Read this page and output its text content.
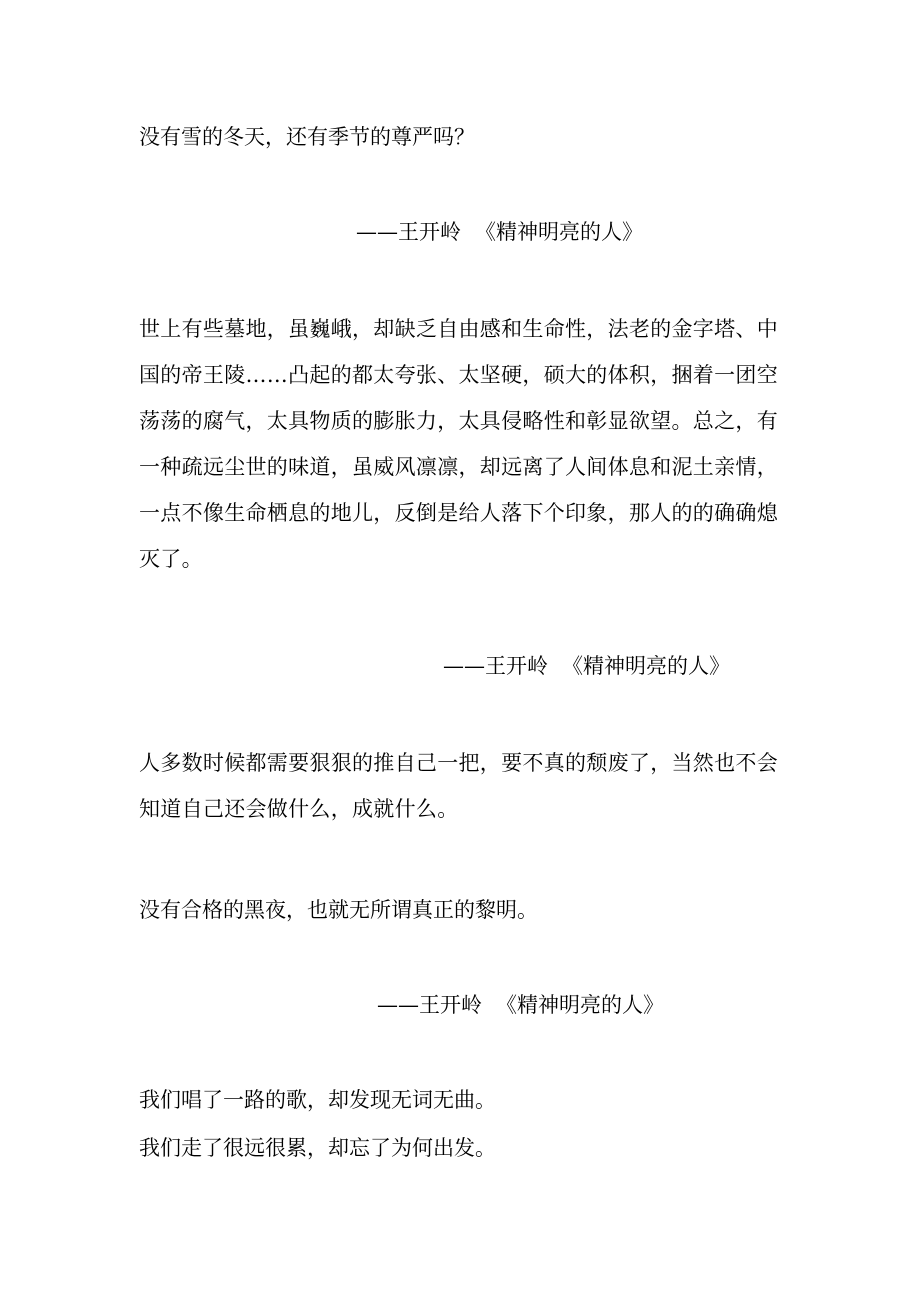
没有雪的冬天，还有季节的尊严吗？

——王开岭 《精神明亮的人》

世上有些墓地，虽巍峨，却缺乏自由感和生命性，法老的金字塔、中国的帝王陵……凸起的都太夸张、太坚硬，硕大的体积，捆着一团空荡荡的腐气，太具物质的膨胀力，太具侵略性和彰显欲望。总之，有一种疏远尘世的味道，虽威风凛凛，却远离了人间体息和泥土亲情，一点不像生命栖息的地儿，反倒是给人落下个印象，那人的的确确熄灭了。

——王开岭 《精神明亮的人》

人多数时候都需要狠狠的推自己一把，要不真的颓废了，当然也不会知道自己还会做什么，成就什么。

没有合格的黑夜，也就无所谓真正的黎明。

——王开岭 《精神明亮的人》

我们唱了一路的歌，却发现无词无曲。

我们走了很远很累，却忘了为何出发。
